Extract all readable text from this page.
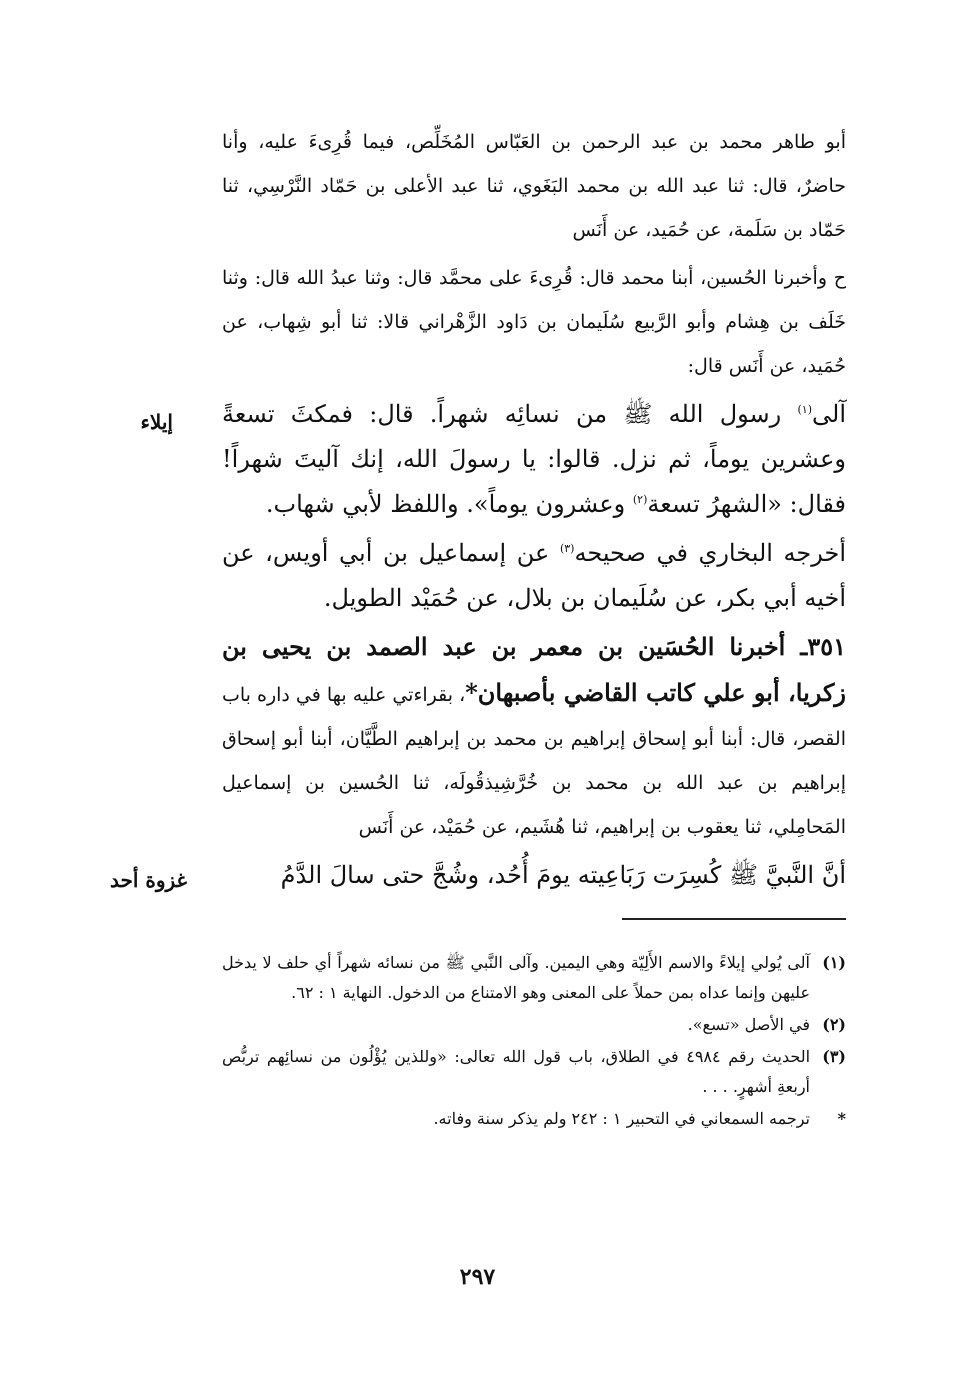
أبو طاهر محمد بن عبد الرحمن بن العَبّاس المُخَلِّص، فيما قُرِىءَ عليه، وأنا حاضرٌ، قال: ثنا عبد الله بن محمد البَغَوي، ثنا عبد الأعلى بن حَمّاد النَّرْسِي، ثنا حَمّاد بن سَلَمة، عن حُمَيد، عن أَنَس

ح وأخبرنا الحُسين، أبنا محمد قال: قُرِىءَ على محمَّد قال: وثنا عبدُ الله قال: وثنا خَلَف بن هِشام وأبو الرَّبيع سُلَيمان بن دَاود الزَّهْراني قالا: ثنا أبو شِهاب، عن حُمَيد، عن أَنَس قال:

آلى$^{(١)}$ رسول الله ﷺ من نسائِه شهراً. قال: فمكثَ تسعةً وعشرين يوماً، ثم نزل. قالوا: يا رسولَ الله، إنك آليتَ شهراً! فقال: «الشهرُ تسعة$^{(٢)}$ وعشرون يوماً». واللفظ لأبي شهاب.

أخرجه البخاري في صحيحه$^{(٣)}$ عن إسماعيل بن أبي أويس، عن أخيه أبي بكر، عن سُلَيمان بن بلال، عن حُمَيْد الطويل.

٣٥١ـ أخبرنا الحُسَين بن معمر بن عبد الصمد بن يحيى بن زكريا، أبو علي كاتب القاضي بأصبهان*، بقراءتي عليه بها في داره باب القصر، قال: أبنا أبو إسحاق إبراهيم بن محمد بن إبراهيم الطَّيَّان، أبنا أبو إسحاق إبراهيم بن عبد الله بن محمد بن خُرَّشِيذقُولَه، ثنا الحُسين بن إسماعيل المَحامِلي، ثنا يعقوب بن إبراهيم، ثنا هُشَيم، عن حُمَيْد، عن أَنَس

أنَّ النَّبيَّ ﷺ كُسِرَت رَبَاعِيته يومَ أُحُد، وشُجَّ حتى سالَ الدَّمُ

إيلاء
غزوة أحد
(١)
آلى يُولي إيلاءً والاسم الأَلِيّة وهي اليمين. وآلى النَّبي ﷺ من نسائه شهراً أي حلف لا يدخل عليهن وإنما عداه بمن حملاً على المعنى وهو الامتناع من الدخول. النهاية ١ : ٦٢.
(٢)
في الأصل «تسع».
(٣)
الحديث رقم ٤٩٨٤ في الطلاق، باب قول الله تعالى: «وللذين يُؤْلُون من نسائِهم تربُّص أربعةِ أشهرٍ. . . .
*
ترجمه السمعاني في التحبير ١ : ٢٤٢ ولم يذكر سنة وفاته.
٢٩٧
